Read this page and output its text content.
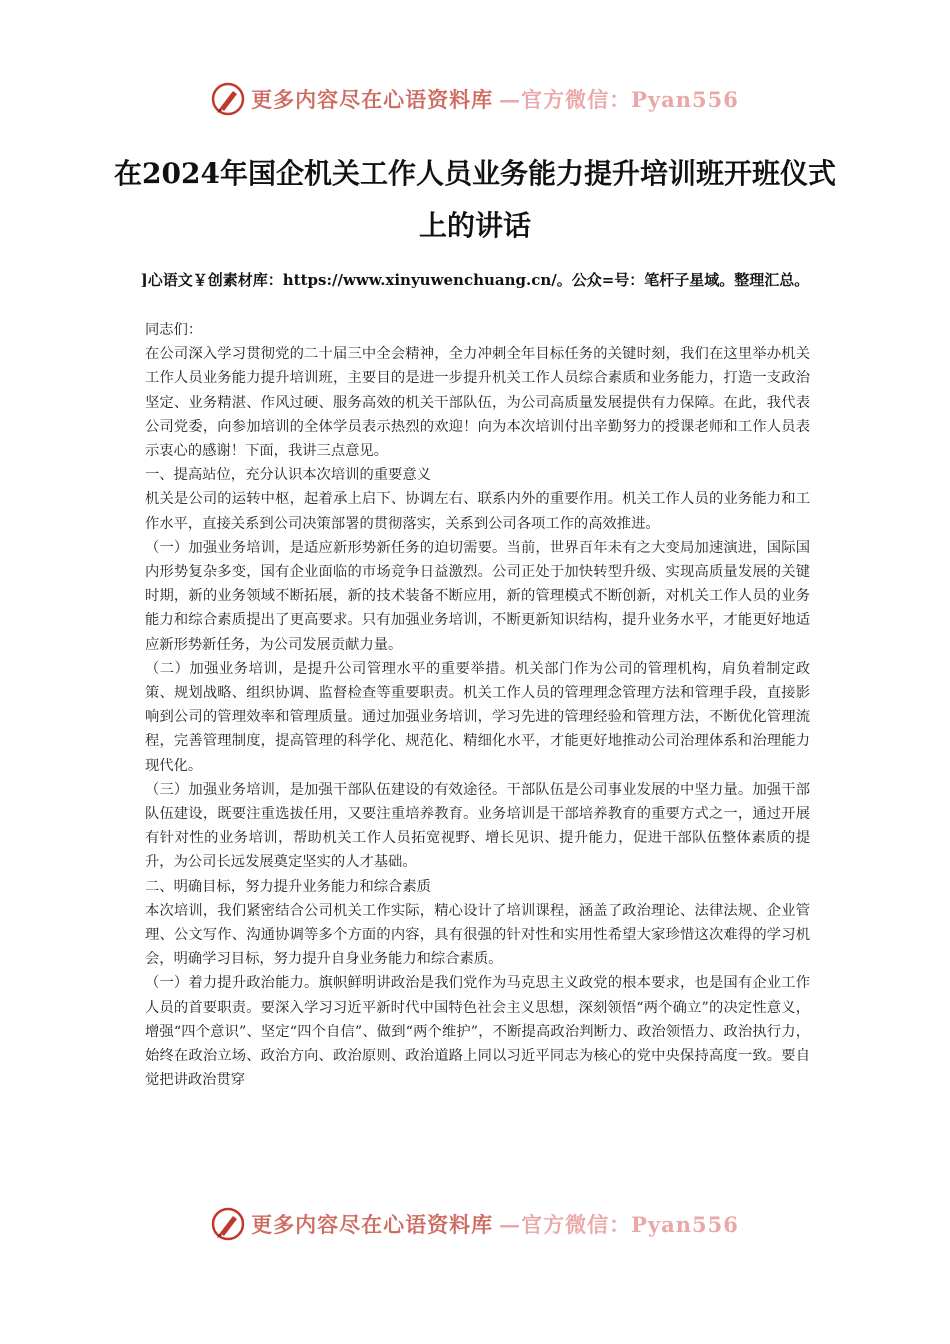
更多内容尽在心语资料库 —官方微信：Pyan556
在2024年国企机关工作人员业务能力提升培训班开班仪式上的讲话
]心语文￥创素材库：https://www.xinyuwenchuang.cn/。公众=号：笔杆子星域。整理汇总。

同志们：

在公司深入学习贯彻党的二十届三中全会精神，全力冲刺全年目标任务的关键时刻，我们在这里举办机关工作人员业务能力提升培训班，主要目的是进一步提升机关工作人员综合素质和业务能力，打造一支政治坚定、业务精湛、作风过硬、服务高效的机关干部队伍，为公司高质量发展提供有力保障。在此，我代表公司党委，向参加培训的全体学员表示热烈的欢迎！向为本次培训付出辛勤努力的授课老师和工作人员表示衷心的感谢！下面，我讲三点意见。

一、提高站位，充分认识本次培训的重要意义

机关是公司的运转中枢，起着承上启下、协调左右、联系内外的重要作用。机关工作人员的业务能力和工作水平，直接关系到公司决策部署的贯彻落实，关系到公司各项工作的高效推进。

（一）加强业务培训，是适应新形势新任务的迫切需要。当前，世界百年未有之大变局加速演进，国际国内形势复杂多变，国有企业面临的市场竞争日益激烈。公司正处于加快转型升级、实现高质量发展的关键时期，新的业务领域不断拓展，新的技术装备不断应用，新的管理模式不断创新，对机关工作人员的业务能力和综合素质提出了更高要求。只有加强业务培训，不断更新知识结构，提升业务水平，才能更好地适应新形势新任务，为公司发展贡献力量。

（二）加强业务培训，是提升公司管理水平的重要举措。机关部门作为公司的管理机构，肩负着制定政策、规划战略、组织协调、监督检查等重要职责。机关工作人员的管理理念管理方法和管理手段，直接影响到公司的管理效率和管理质量。通过加强业务培训，学习先进的管理经验和管理方法，不断优化管理流程，完善管理制度，提高管理的科学化、规范化、精细化水平，才能更好地推动公司治理体系和治理能力现代化。

（三）加强业务培训，是加强干部队伍建设的有效途径。干部队伍是公司事业发展的中坚力量。加强干部队伍建设，既要注重选拔任用，又要注重培养教育。业务培训是干部培养教育的重要方式之一，通过开展有针对性的业务培训，帮助机关工作人员拓宽视野、增长见识、提升能力，促进干部队伍整体素质的提升，为公司长远发展奠定坚实的人才基础。

二、明确目标，努力提升业务能力和综合素质

本次培训，我们紧密结合公司机关工作实际，精心设计了培训课程，涵盖了政治理论、法律法规、企业管理、公文写作、沟通协调等多个方面的内容，具有很强的针对性和实用性希望大家珍惜这次难得的学习机会，明确学习目标，努力提升自身业务能力和综合素质。

（一）着力提升政治能力。旗帜鲜明讲政治是我们党作为马克思主义政党的根本要求，也是国有企业工作人员的首要职责。要深入学习习近平新时代中国特色社会主义思想，深刻领悟“两个确立”的决定性意义，增强“四个意识”、坚定“四个自信”、做到“两个维护”，不断提高政治判断力、政治领悟力、政治执行力，始终在政治立场、政治方向、政治原则、政治道路上同以习近平同志为核心的党中央保持高度一致。要自觉把讲政治贯穿

更多内容尽在心语资料库 —官方微信：Pyan556
